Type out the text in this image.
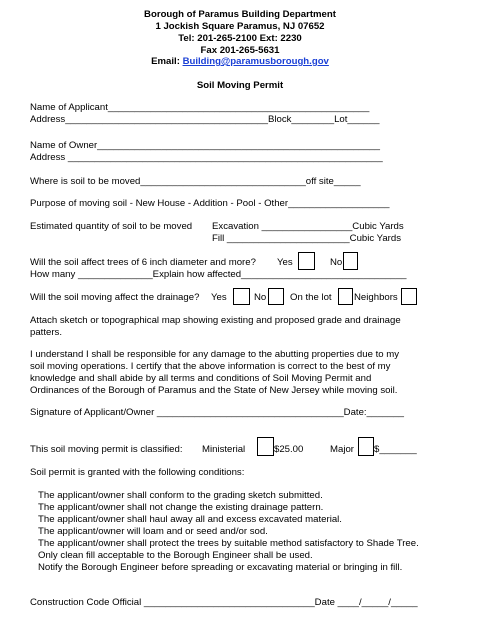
Borough of Paramus Building Department
1 Jockish Square Paramus, NJ 07652
Tel: 201-265-2100 Ext: 2230
Fax 201-265-5631
Email: Building@paramusborough.gov
Soil Moving Permit
Name of Applicant_________________________________________________
Address______________________________________Block________Lot______
Name of Owner_____________________________________________________
Address ___________________________________________________________
Where is soil to be moved_______________________________off site_____
Purpose of moving soil - New House - Addition - Pool - Other___________________
Estimated quantity of soil to be moved Excavation _________________Cubic Yards
Fill _______________________Cubic Yards
Will the soil affect trees of 6 inch diameter and more? Yes	No
How many ______________Explain how affected_______________________________
Will the soil moving affect the drainage? Yes	No On the lot Neighbors
Attach sketch or topographical map showing existing and proposed grade and drainage
patters.
I understand I shall be responsible for any damage to the abutting properties due to my
soil moving operations. I certify that the above information is correct to the best of my
knowledge and shall abide by all terms and conditions of Soil Moving Permit and
Ordinances of the Borough of Paramus and the State of New Jersey while moving soil.
Signature of Applicant/Owner ___________________________________Date:_______
This soil moving permit is classified: Ministerial	$25.00	Major $_______
Soil permit is granted with the following conditions:
The applicant/owner shall conform to the grading sketch submitted.
The applicant/owner shall not change the existing drainage pattern.
The applicant/owner shall haul away all and excess excavated material.
The applicant/owner will loam and or seed and/or sod.
The applicant/owner shall protect the trees by suitable method satisfactory to Shade Tree.
Only clean fill acceptable to the Borough Engineer shall be used.
Notify the Borough Engineer before spreading or excavating material or bringing in fill.
Construction Code Official ________________________________Date ____/_____/_____
